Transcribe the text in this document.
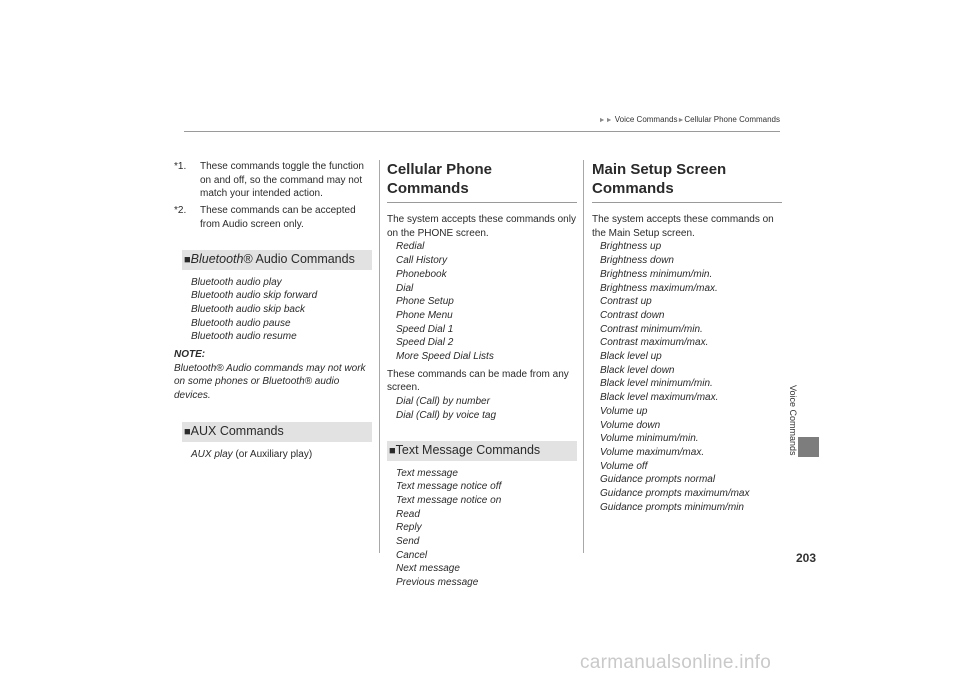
►► Voice Commands►Cellular Phone Commands
*1.	These commands toggle the function on and off, so the command may not match your intended action.
*2.	These commands can be accepted from Audio screen only.
■Bluetooth® Audio Commands
Bluetooth audio play
Bluetooth audio skip forward
Bluetooth audio skip back
Bluetooth audio pause
Bluetooth audio resume
NOTE:
Bluetooth® Audio commands may not work on some phones or Bluetooth® audio devices.
■AUX Commands
AUX play (or Auxiliary play)
Cellular Phone Commands

The system accepts these commands only on the PHONE screen.

Redial
Call History
Phonebook
Dial
Phone Setup
Phone Menu
Speed Dial 1
Speed Dial 2
More Speed Dial Lists

These commands can be made from any screen.

Dial (Call) by number
Dial (Call) by voice tag
■Text Message Commands
Text message
Text message notice off
Text message notice on
Read
Reply
Send
Cancel
Next message
Previous message
Main Setup Screen Commands

The system accepts these commands on the Main Setup screen.

Brightness up
Brightness down
Brightness minimum/min.
Brightness maximum/max.
Contrast up
Contrast down
Contrast minimum/min.
Contrast maximum/max.
Black level up
Black level down
Black level minimum/min.
Black level maximum/max.
Volume up
Volume down
Volume minimum/min.
Volume maximum/max.
Volume off
Guidance prompts normal
Guidance prompts maximum/max
Guidance prompts minimum/min
Voice Commands
203
carmanualsonline.info
